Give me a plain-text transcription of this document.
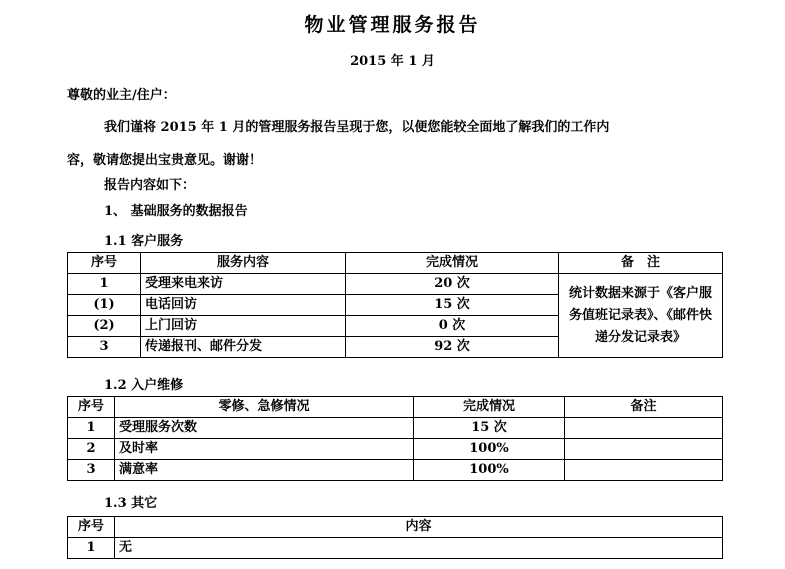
物业管理服务报告
2015 年 1 月
尊敬的业主/住户：
我们谨将 2015 年 1 月的管理服务报告呈现于您，以便您能较全面地了解我们的工作内
容，敬请您提出宝贵意见。谢谢！
报告内容如下：
1、 基础服务的数据报告
1.1 客户服务
序号	服务内容	完成情况	备　注
1	受理来电来访	20 次	统计数据来源于《客户服务值班记录表》、《邮件快递分发记录表》
(1)	电话回访	15 次	
(2)	上门回访	0 次	
3	传递报刊、邮件分发	92 次	
1.2 入户维修
序号	零修、急修情况	完成情况	备注
1	受理服务次数	15 次	
2	及时率	100%	
3	满意率	100%	
1.3 其它
序号	内容
1	无
